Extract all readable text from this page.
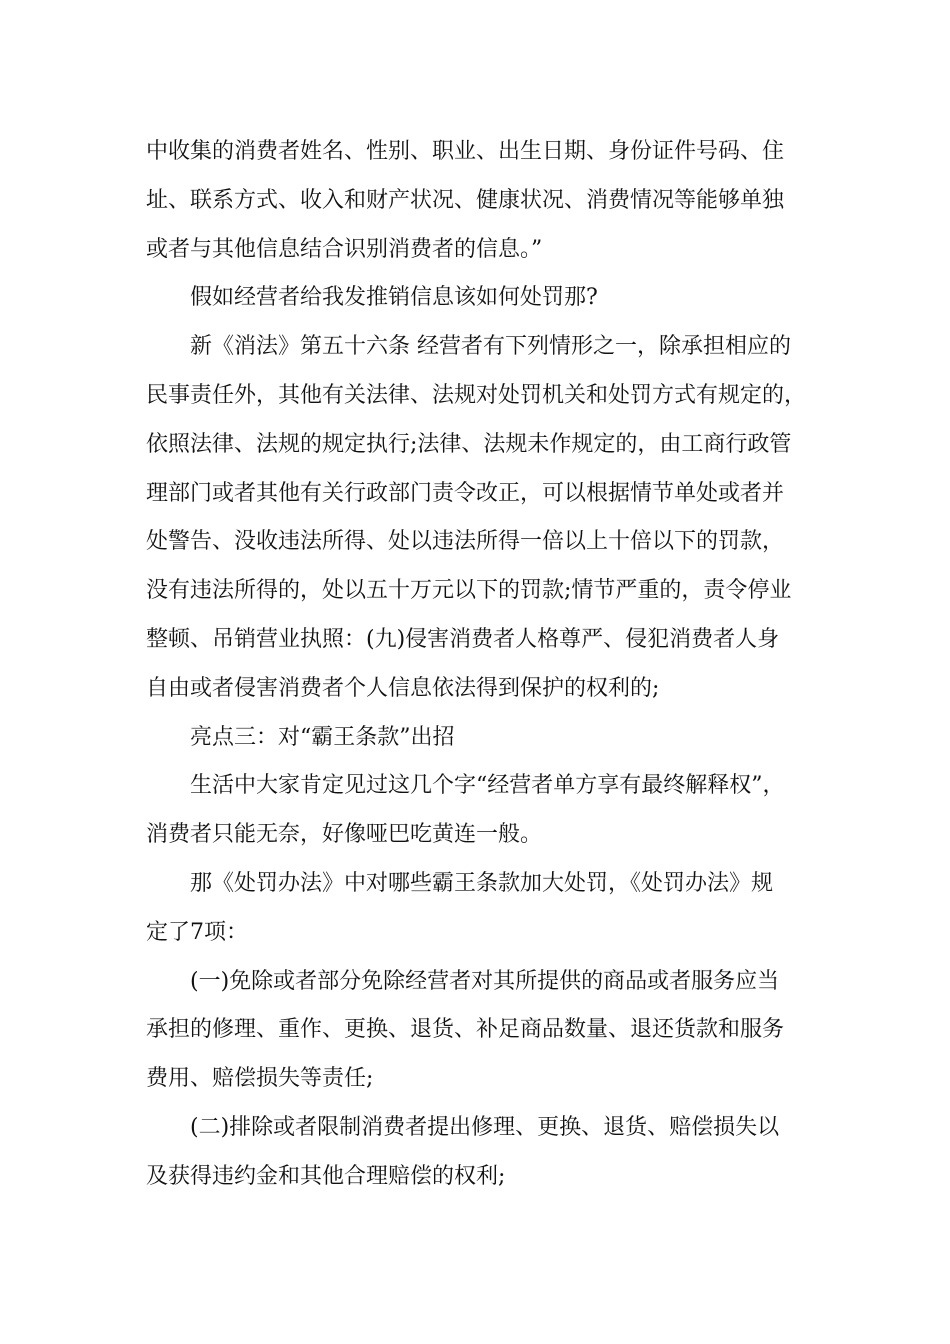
中收集的消费者姓名、性别、职业、出生日期、身份证件号码、住
址、联系方式、收入和财产状况、健康状况、消费情况等能够单独
或者与其他信息结合识别消费者的信息。”
假如经营者给我发推销信息该如何处罚那?
新《消法》第五十六条 经营者有下列情形之一，除承担相应的
民事责任外，其他有关法律、法规对处罚机关和处罚方式有规定的，
依照法律、法规的规定执行;法律、法规未作规定的，由工商行政管
理部门或者其他有关行政部门责令改正，可以根据情节单处或者并
处警告、没收违法所得、处以违法所得一倍以上十倍以下的罚款，
没有违法所得的，处以五十万元以下的罚款;情节严重的，责令停业
整顿、吊销营业执照：(九)侵害消费者人格尊严、侵犯消费者人身
自由或者侵害消费者个人信息依法得到保护的权利的;
亮点三：对“霸王条款”出招
生活中大家肯定见过这几个字“经营者单方享有最终解释权”，
消费者只能无奈，好像哑巴吃黄连一般。
那《处罚办法》中对哪些霸王条款加大处罚，《处罚办法》规
定了7项：
(一)免除或者部分免除经营者对其所提供的商品或者服务应当
承担的修理、重作、更换、退货、补足商品数量、退还货款和服务
费用、赔偿损失等责任;
(二)排除或者限制消费者提出修理、更换、退货、赔偿损失以
及获得违约金和其他合理赔偿的权利;
